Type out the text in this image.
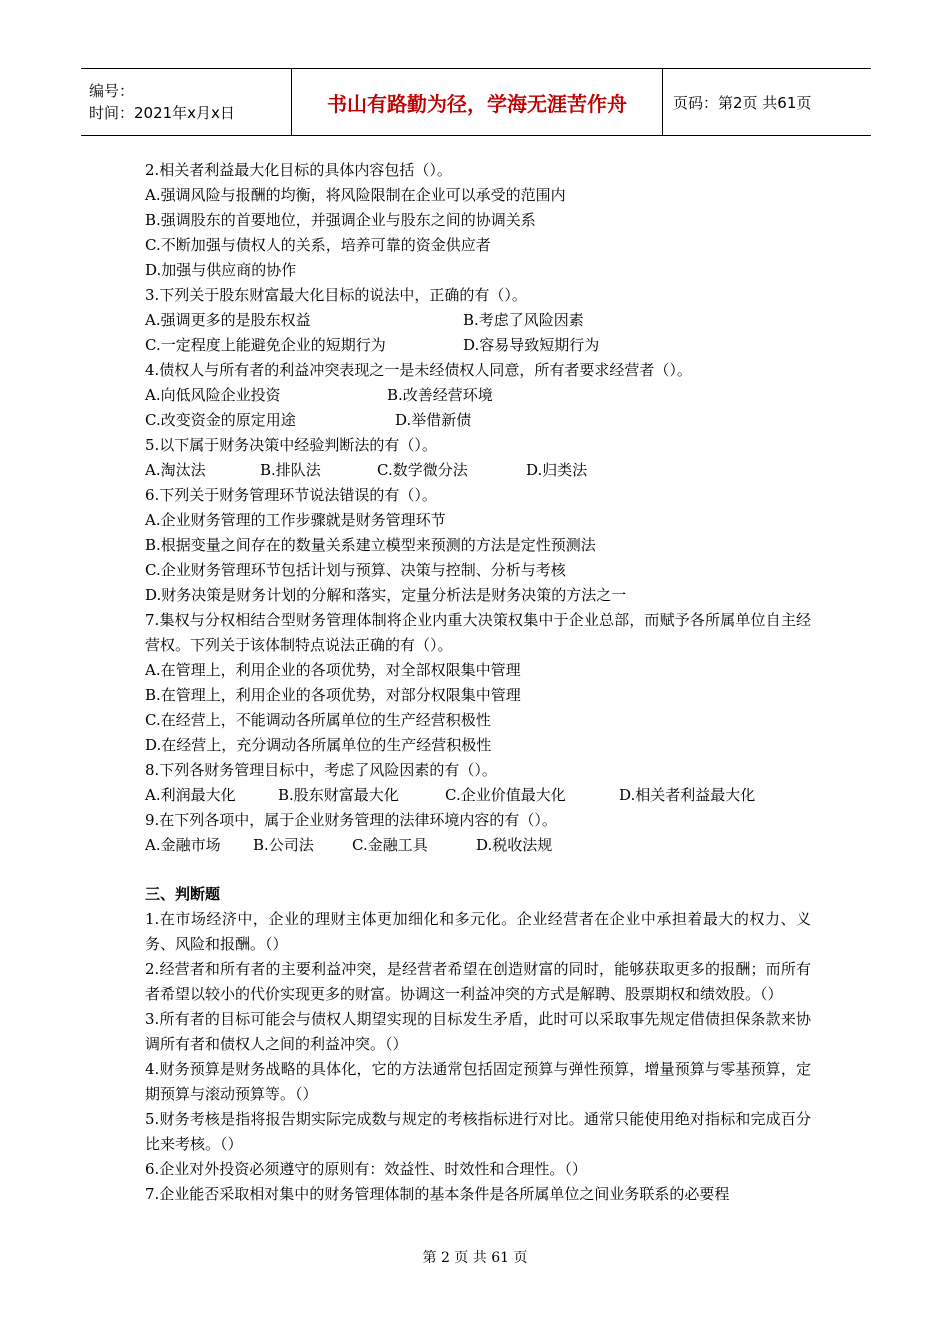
编号：
时间：2021年x月x日	书山有路勤为径，学海无涯苦作舟	页码：第2页 共61页
2.相关者利益最大化目标的具体内容包括（）。
A.强调风险与报酬的均衡，将风险限制在企业可以承受的范围内
B.强调股东的首要地位，并强调企业与股东之间的协调关系
C.不断加强与债权人的关系，培养可靠的资金供应者
D.加强与供应商的协作
3.下列关于股东财富最大化目标的说法中，正确的有（）。
A.强调更多的是股东权益	B.考虑了风险因素
C.一定程度上能避免企业的短期行为	D.容易导致短期行为
4.债权人与所有者的利益冲突表现之一是未经债权人同意，所有者要求经营者（）。
A.向低风险企业投资	B.改善经营环境
C.改变资金的原定用途	D.举借新债
5.以下属于财务决策中经验判断法的有（）。
A.淘汰法	B.排队法	C.数学微分法	D.归类法
6.下列关于财务管理环节说法错误的有（）。
A.企业财务管理的工作步骤就是财务管理环节
B.根据变量之间存在的数量关系建立模型来预测的方法是定性预测法
C.企业财务管理环节包括计划与预算、决策与控制、分析与考核
D.财务决策是财务计划的分解和落实，定量分析法是财务决策的方法之一
7.集权与分权相结合型财务管理体制将企业内重大决策权集中于企业总部，而赋予各所属单位自主经营权。下列关于该体制特点说法正确的有（）。
A.在管理上，利用企业的各项优势，对全部权限集中管理
B.在管理上，利用企业的各项优势，对部分权限集中管理
C.在经营上，不能调动各所属单位的生产经营积极性
D.在经营上，充分调动各所属单位的生产经营积极性
8.下列各财务管理目标中，考虑了风险因素的有（）。
A.利润最大化	B.股东财富最大化	C.企业价值最大化	D.相关者利益最大化
9.在下列各项中，属于企业财务管理的法律环境内容的有（）。
A.金融市场 B.公司法	C.金融工具	D.税收法规
三、判断题
1.在市场经济中，企业的理财主体更加细化和多元化。企业经营者在企业中承担着最大的权力、义务、风险和报酬。（）
2.经营者和所有者的主要利益冲突，是经营者希望在创造财富的同时，能够获取更多的报酬；而所有者希望以较小的代价实现更多的财富。协调这一利益冲突的方式是解聘、股票期权和绩效股。（）
3.所有者的目标可能会与债权人期望实现的目标发生矛盾，此时可以采取事先规定借债担保条款来协调所有者和债权人之间的利益冲突。（）
4.财务预算是财务战略的具体化，它的方法通常包括固定预算与弹性预算，增量预算与零基预算，定期预算与滚动预算等。（）
5.财务考核是指将报告期实际完成数与规定的考核指标进行对比。通常只能使用绝对指标和完成百分比来考核。（）
6.企业对外投资必须遵守的原则有：效益性、时效性和合理性。（）
7.企业能否采取相对集中的财务管理体制的基本条件是各所属单位之间业务联系的必要程
第 2 页 共 61 页
